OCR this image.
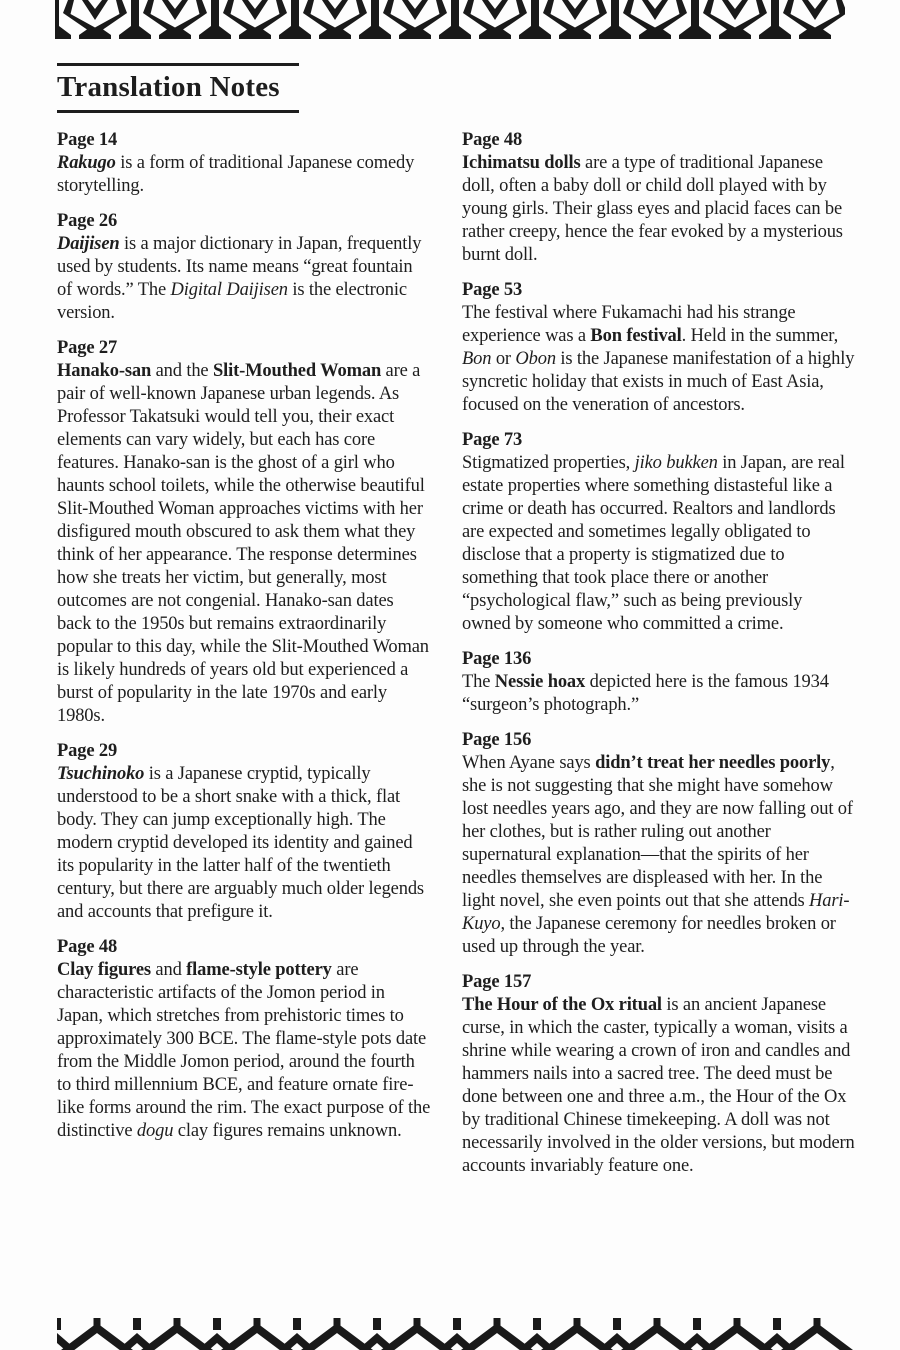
Translation Notes
Page 14

Rakugo is a form of traditional Japanese comedy storytelling.

Page 26

Daijisen is a major dictionary in Japan, frequently used by students. Its name means “great fountain of words.” The Digital Daijisen is the electronic version.

Page 27

Hanako-san and the Slit-Mouthed Woman are a pair of well-known Japanese urban legends. As Professor Takatsuki would tell you, their exact elements can vary widely, but each has core features. Hanako-san is the ghost of a girl who haunts school toilets, while the otherwise beautiful Slit-Mouthed Woman approaches victims with her disfigured mouth obscured to ask them what they think of her appearance. The response determines how she treats her victim, but generally, most outcomes are not congenial. Hanako-san dates back to the 1950s but remains extraordinarily popular to this day, while the Slit-Mouthed Woman is likely hundreds of years old but experienced a burst of popularity in the late 1970s and early 1980s.

Page 29

Tsuchinoko is a Japanese cryptid, typically understood to be a short snake with a thick, flat body. They can jump exceptionally high. The modern cryptid developed its identity and gained its popularity in the latter half of the twentieth century, but there are arguably much older legends and accounts that prefigure it.

Page 48

Clay figures and flame-style pottery are characteristic artifacts of the Jomon period in Japan, which stretches from prehistoric times to approximately 300 BCE. The flame-style pots date from the Middle Jomon period, around the fourth to third millennium BCE, and feature ornate fire-like forms around the rim. The exact purpose of the distinctive dogu clay figures remains unknown.

Page 48

Ichimatsu dolls are a type of traditional Japanese doll, often a baby doll or child doll played with by young girls. Their glass eyes and placid faces can be rather creepy, hence the fear evoked by a mysterious burnt doll.

Page 53

The festival where Fukamachi had his strange experience was a Bon festival. Held in the summer, Bon or Obon is the Japanese manifestation of a highly syncretic holiday that exists in much of East Asia, focused on the veneration of ancestors.

Page 73

Stigmatized properties, jiko bukken in Japan, are real estate properties where something distasteful like a crime or death has occurred. Realtors and landlords are expected and sometimes legally obligated to disclose that a property is stigmatized due to something that took place there or another “psychological flaw,” such as being previously owned by someone who committed a crime.

Page 136

The Nessie hoax depicted here is the famous 1934 “surgeon’s photograph.”

Page 156

When Ayane says didn’t treat her needles poorly, she is not suggesting that she might have somehow lost needles years ago, and they are now falling out of her clothes, but is rather ruling out another supernatural explanation—that the spirits of her needles themselves are displeased with her. In the light novel, she even points out that she attends Hari-Kuyo, the Japanese ceremony for needles broken or used up through the year.

Page 157

The Hour of the Ox ritual is an ancient Japanese curse, in which the caster, typically a woman, visits a shrine while wearing a crown of iron and candles and hammers nails into a sacred tree. The deed must be done between one and three a.m., the Hour of the Ox by traditional Chinese timekeeping. A doll was not necessarily involved in the older versions, but modern accounts invariably feature one.
